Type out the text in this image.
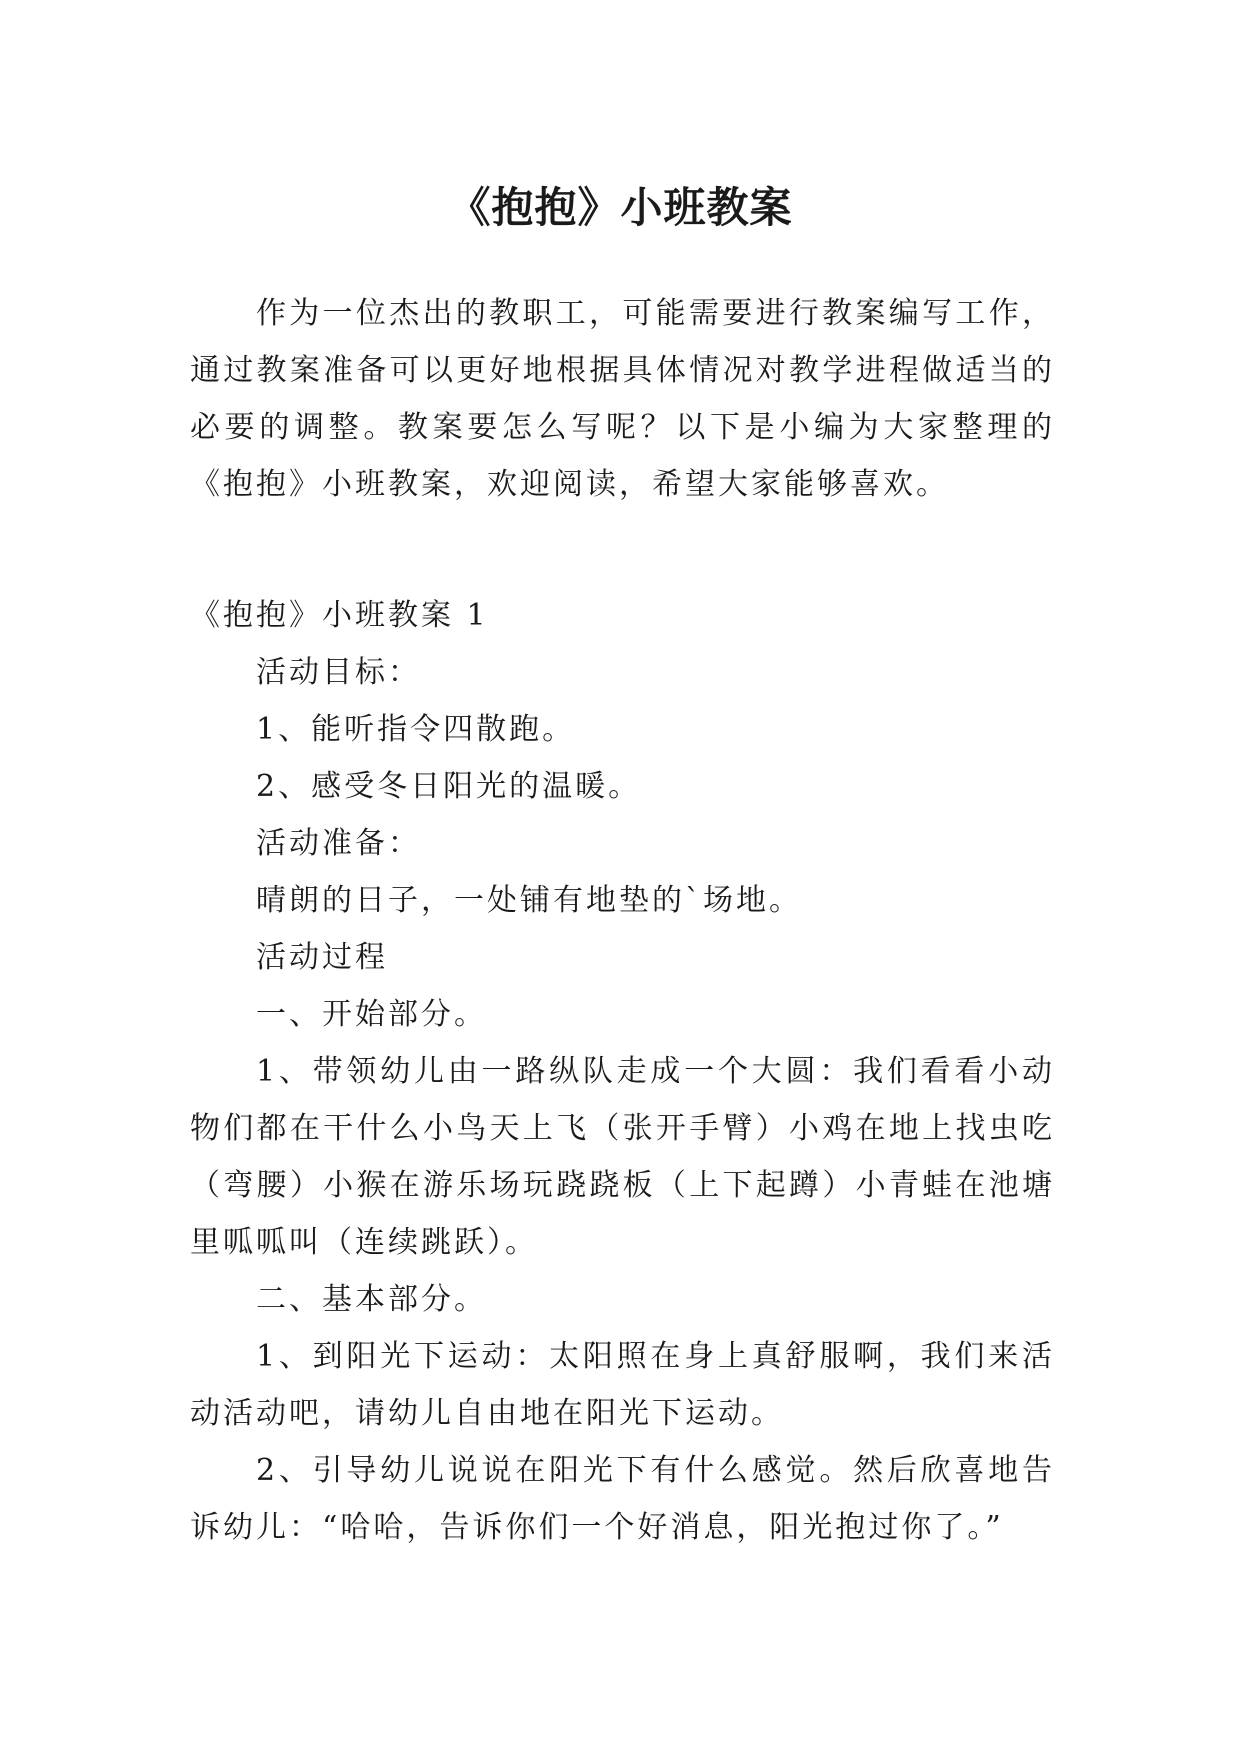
《抱抱》小班教案

作为一位杰出的教职工，可能需要进行教案编写工作，通过教案准备可以更好地根据具体情况对教学进程做适当的必要的调整。教案要怎么写呢？以下是小编为大家整理的《抱抱》小班教案，欢迎阅读，希望大家能够喜欢。

《抱抱》小班教案 1

活动目标：

1、能听指令四散跑。

2、感受冬日阳光的温暖。

活动准备：

晴朗的日子，一处铺有地垫的`场地。

活动过程

一、开始部分。

1、带领幼儿由一路纵队走成一个大圆：我们看看小动物们都在干什么小鸟天上飞（张开手臂）小鸡在地上找虫吃（弯腰）小猴在游乐场玩跷跷板（上下起蹲）小青蛙在池塘里呱呱叫（连续跳跃）。

二、基本部分。

1、到阳光下运动：太阳照在身上真舒服啊，我们来活动活动吧，请幼儿自由地在阳光下运动。

2、引导幼儿说说在阳光下有什么感觉。然后欣喜地告诉幼儿：“哈哈，告诉你们一个好消息，阳光抱过你了。”
